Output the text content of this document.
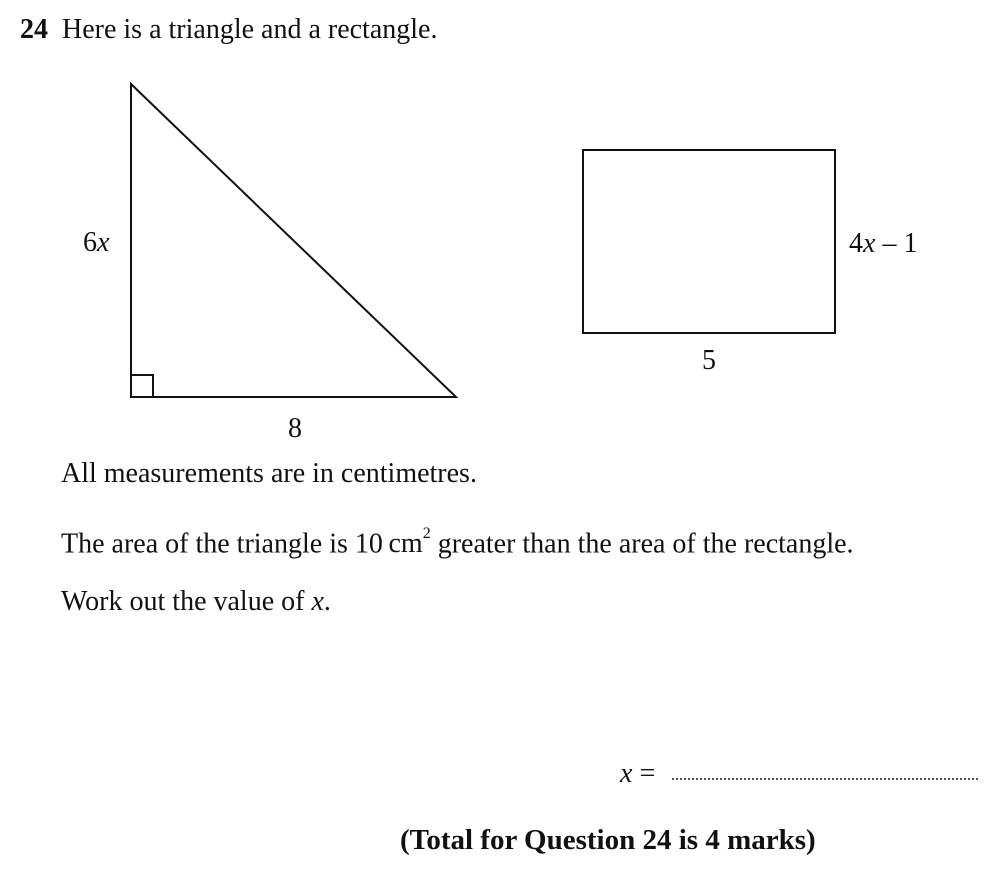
24 Here is a triangle and a rectangle.
6x
8
4x – 1
5
All measurements are in centimetres.
The area of the triangle is 10 $cm^2$ greater than the area of the rectangle.
Work out the value of x.
x =
(Total for Question 24 is 4 marks)
